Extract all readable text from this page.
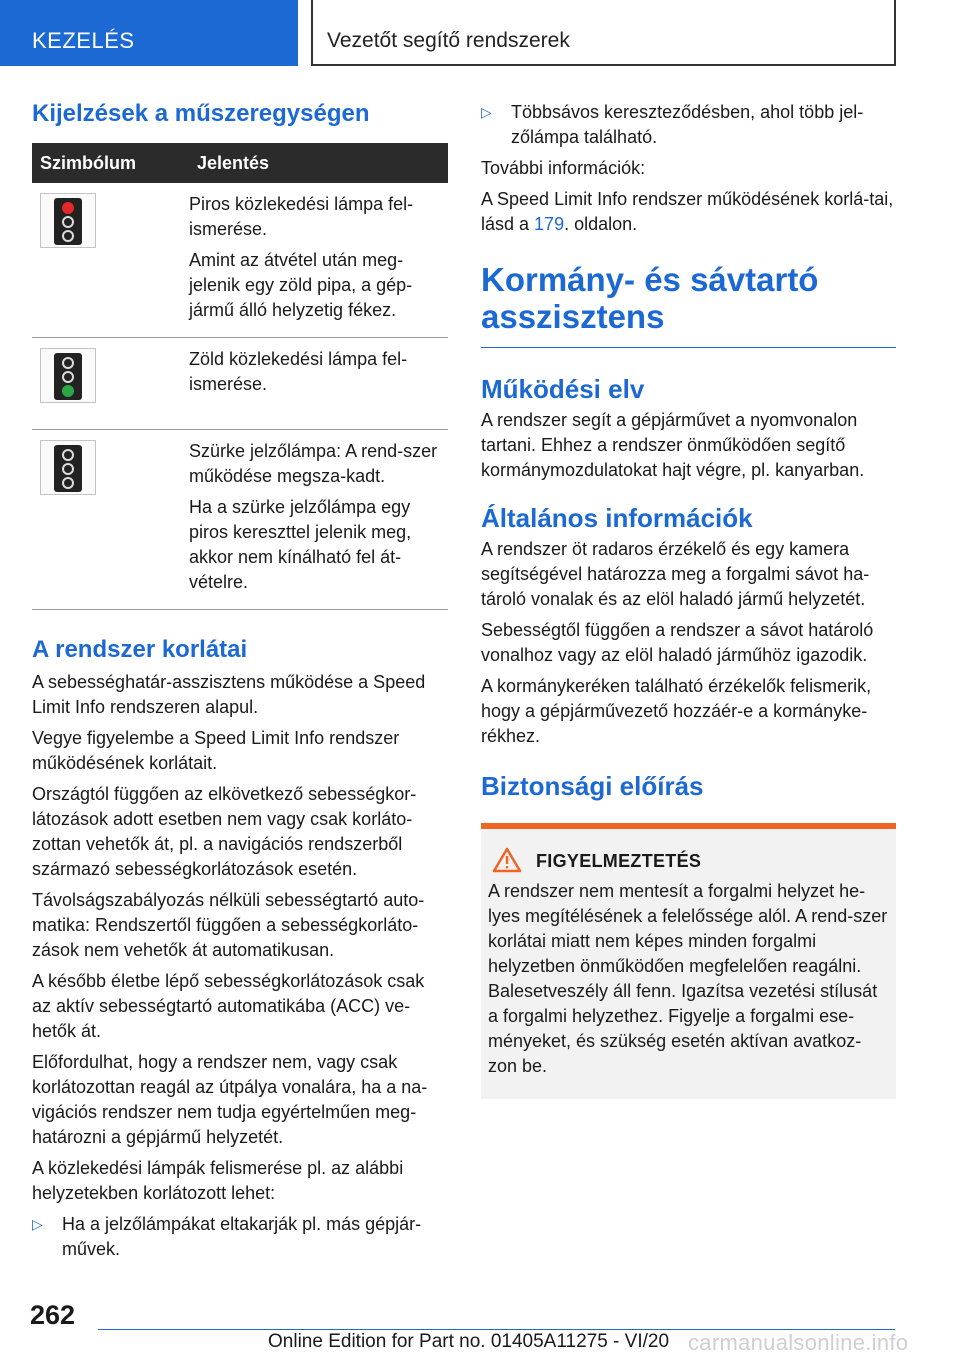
KEZELÉS	Vezetőt segítő rendszerek
Kijelzések a műszeregységen
Szimbólum	Jelentés

	Piros közlekedési lámpa fel-ismerése.

Amint az átvétel után meg-jelenik egy zöld pipa, a gép-jármű álló helyzetig fékez.

	Zöld közlekedési lámpa fel-ismerése.

	Szürke jelzőlámpa: A rend-szer működése megsza-kadt.

Ha a szürke jelzőlámpa egy piros kereszttel jelenik meg, akkor nem kínálható fel át-vételre.

A rendszer korlátai

A sebességhatár-asszisztens működése a Speed Limit Info rendszeren alapul.

Vegye figyelembe a Speed Limit Info rendszer működésének korlátait.

Országtól függően az elkövetkező sebességkor-látozások adott esetben nem vagy csak korláto-zottan vehetők át, pl. a navigációs rendszerből származó sebességkorlátozások esetén.

Távolságszabályozás nélküli sebességtartó auto-matika: Rendszertől függően a sebességkorláto-zások nem vehetők át automatikusan.

A később életbe lépő sebességkorlátozások csak az aktív sebességtartó automatikába (ACC) ve-hetők át.

Előfordulhat, hogy a rendszer nem, vagy csak korlátozottan reagál az útpálya vonalára, ha a na-vigációs rendszer nem tudja egyértelműen meg-határozni a gépjármű helyzetét.

A közlekedési lámpák felismerése pl. az alábbi helyzetekben korlátozott lehet:

▷ Ha a jelzőlámpákat eltakarják pl. más gépjár-művek.
▷ Többsávos kereszteződésben, ahol több jel-zőlámpa található.

További információk:

A Speed Limit Info rendszer működésének korlá-tai, lásd a 179. oldalon.

Kormány- és sávtartó asszisztens
Működési elv

A rendszer segít a gépjárművet a nyomvonalon tartani. Ehhez a rendszer önműködően segítő kormánymozdulatokat hajt végre, pl. kanyarban.

Általános információk

A rendszer öt radaros érzékelő és egy kamera segítségével határozza meg a forgalmi sávot ha-tároló vonalak és az elöl haladó jármű helyzetét.

Sebességtől függően a rendszer a sávot határoló vonalhoz vagy az elöl haladó járműhöz igazodik.

A kormánykeréken található érzékelők felismerik, hogy a gépjárművezető hozzáér-e a kormányke-rékhez.

Biztonsági előírás
FIGYELMEZTETÉS

A rendszer nem mentesít a forgalmi helyzet he-lyes megítélésének a felelőssége alól. A rend-szer korlátai miatt nem képes minden forgalmi helyzetben önműködően megfelelően reagálni. Balesetveszély áll fenn. Igazítsa vezetési stílusát a forgalmi helyzethez. Figyelje a forgalmi ese-ményeket, és szükség esetén aktívan avatkoz-zon be.

262
Online Edition for Part no. 01405A11275 - VI/20 carmanualsonline.info
